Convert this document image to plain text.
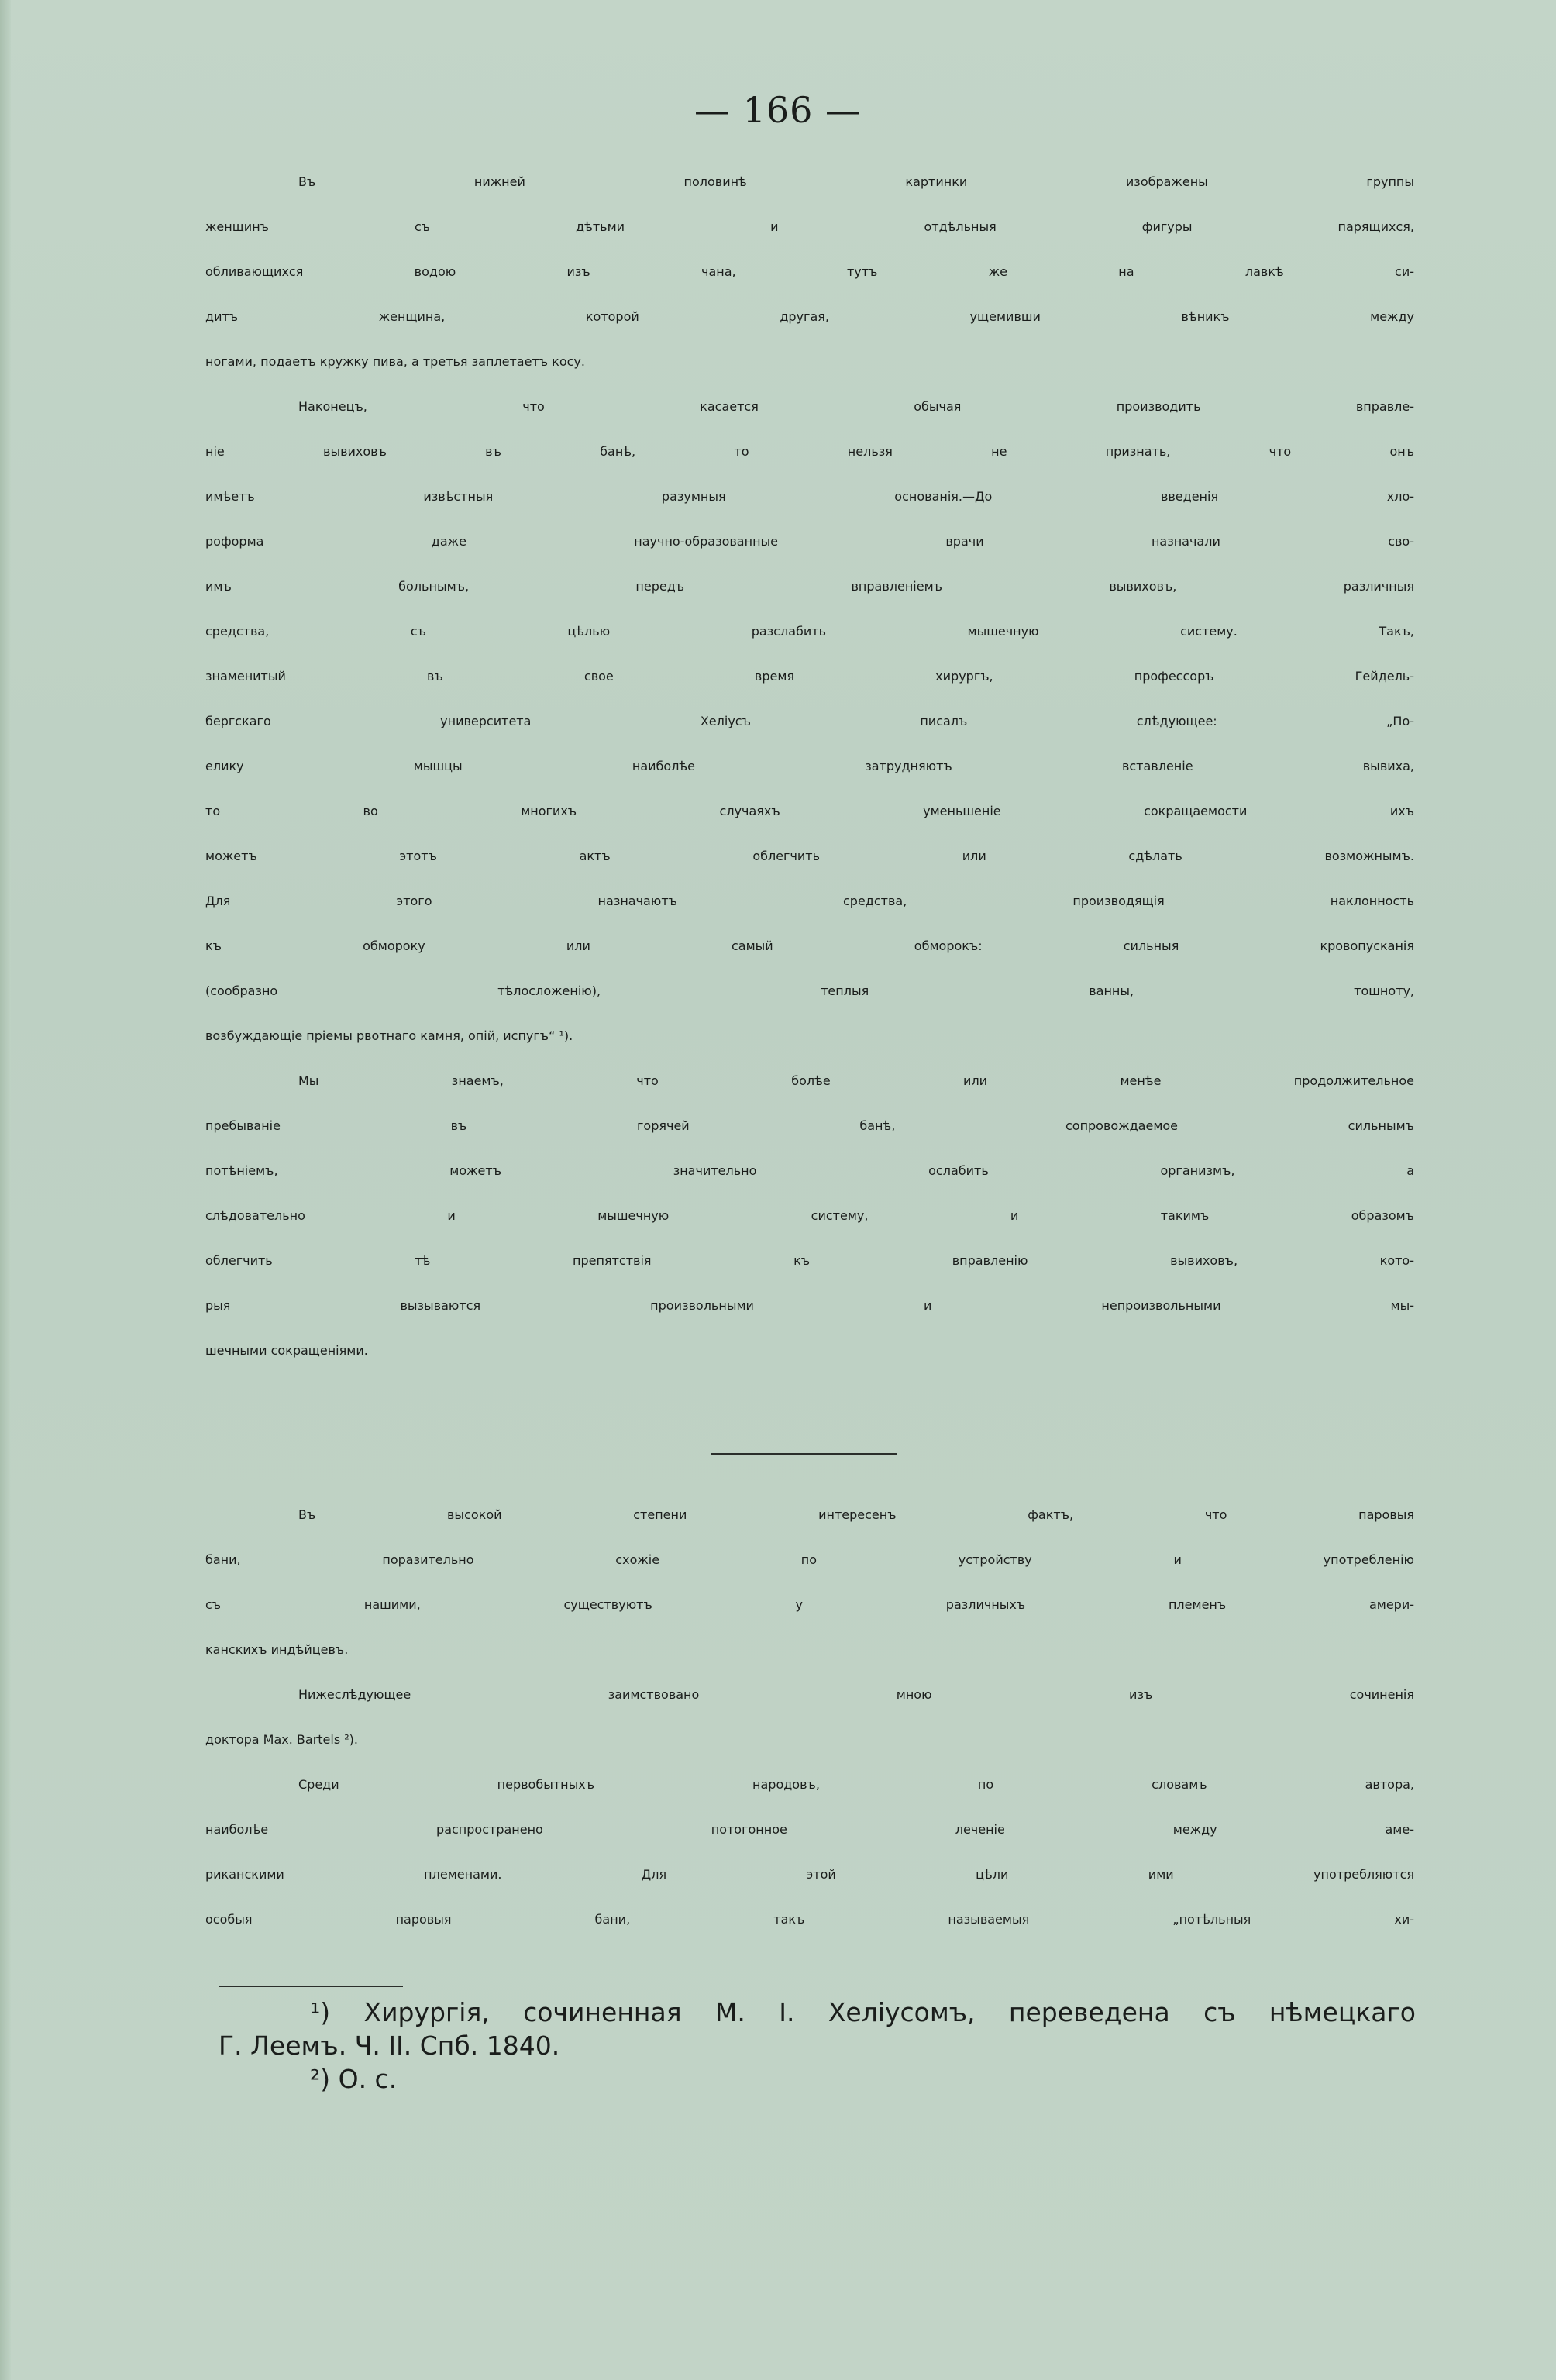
— 166 —
Въ нижней половинѣ картинки изображены группы
женщинъ съ дѣтьми и отдѣльныя фигуры парящихся,
обливающихся водою изъ чана, тутъ же на лавкѣ си-
дитъ женщина, которой другая, ущемивши вѣникъ между
ногами, подаетъ кружку пива, а третья заплетаетъ косу.
Наконецъ, что касается обычая производить вправле-
ніе вывиховъ въ банѣ, то нельзя не признать, что онъ
имѣетъ извѣстныя разумныя основанія.—До введенія хло-
роформа даже научно-образованные врачи назначали сво-
имъ больнымъ, передъ вправленіемъ вывиховъ, различныя
средства, съ цѣлью разслабить мышечную систему. Такъ,
знаменитый въ свое время хирургъ, профессоръ Гейдель-
бергскаго университета Хеліусъ писалъ слѣдующее: „По-
елику мышцы наиболѣе затрудняютъ вставленіе вывиха,
то во многихъ случаяхъ уменьшеніе сокращаемости ихъ
можетъ этотъ актъ облегчить или сдѣлать возможнымъ.
Для этого назначаютъ средства, производящія наклонность
къ обмороку или самый обморокъ: сильныя кровопусканія
(сообразно тѣлосложенію), теплыя ванны, тошноту,
возбуждающіе пріемы рвотнаго камня, опій, испугъ“ ¹).
Мы знаемъ, что болѣе или менѣе продолжительное
пребываніе въ горячей банѣ, сопровождаемое сильнымъ
потѣніемъ, можетъ значительно ослабить организмъ, а
слѣдовательно и мышечную систему, и такимъ образомъ
облегчить тѣ препятствія къ вправленію вывиховъ, кото-
рыя вызываются произвольными и непроизвольными мы-
шечными сокращеніями.
Въ высокой степени интересенъ фактъ, что паровыя
бани, поразительно схожіе по устройству и употребленію
съ нашими, существуютъ у различныхъ племенъ амери-
канскихъ индѣйцевъ.
Нижеслѣдующее заимствовано мною изъ сочиненія
доктора Max. Bartels ²).
Среди первобытныхъ народовъ, по словамъ автора,
наиболѣе распространено потогонное леченіе между аме-
риканскими племенами. Для этой цѣли ими употребляются
особыя паровыя бани, такъ называемыя „потѣльныя хи-
¹) Хирургія, сочиненная М. І. Хеліусомъ, переведена съ нѣмецкаго
Г. Леемъ. Ч. II. Спб. 1840.
²) О. с.
